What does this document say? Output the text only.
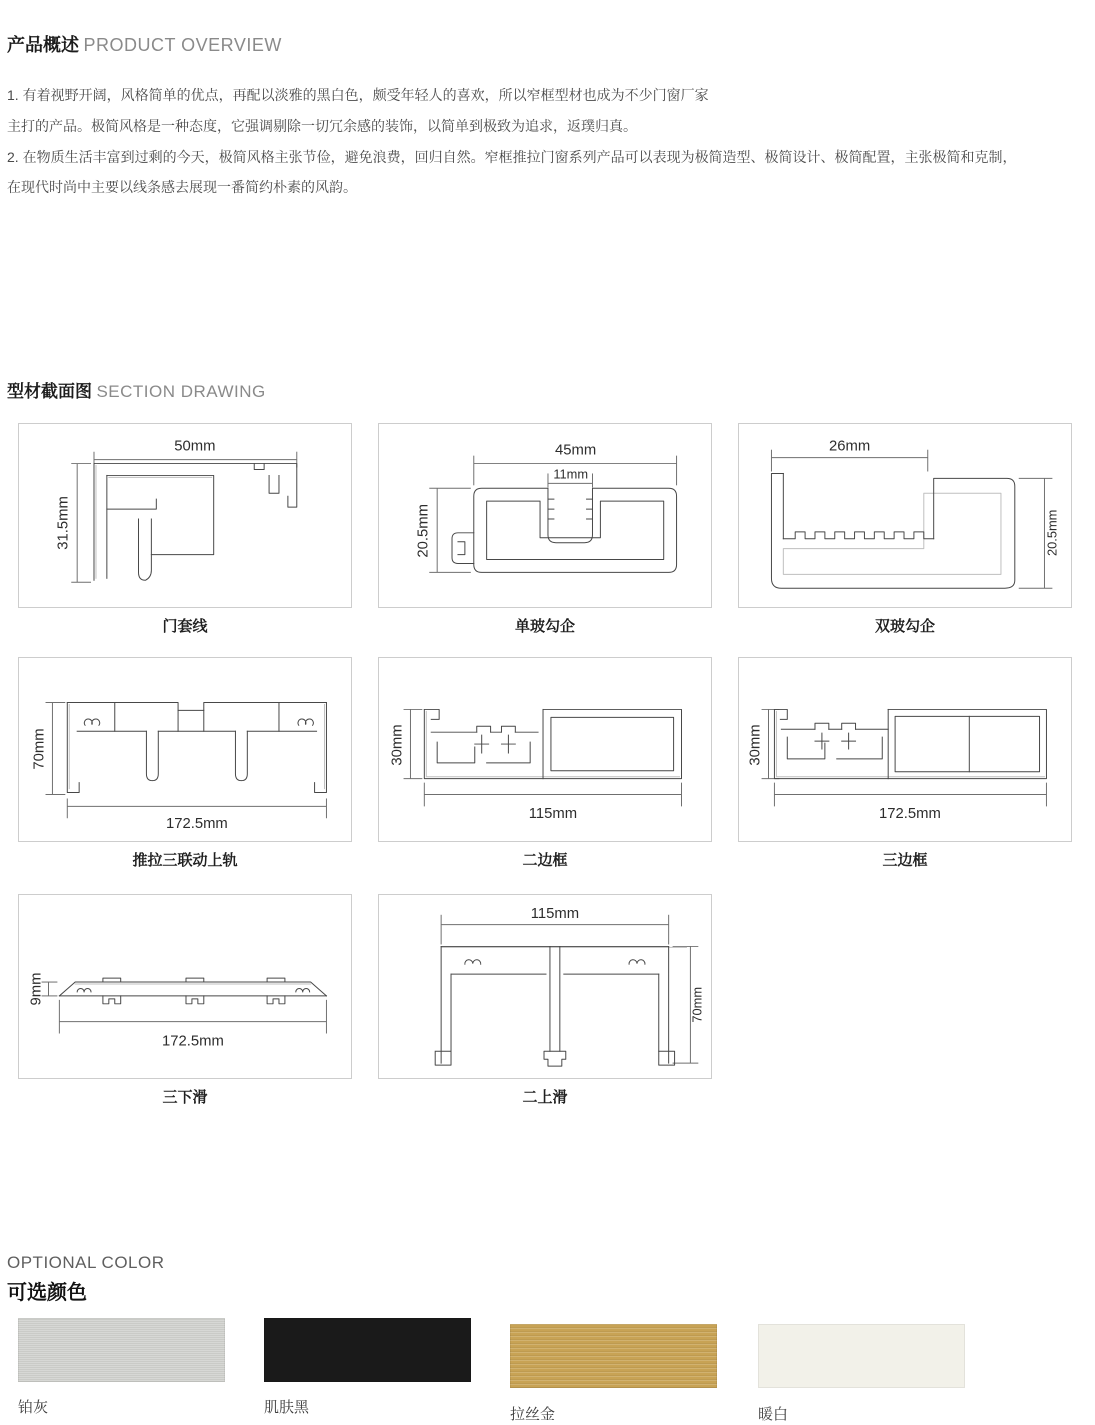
产品概述 PRODUCT OVERVIEW
1. 有着视野开阔，风格简单的优点，再配以淡雅的黑白色，颇受年轻人的喜欢，所以窄框型材也成为不少门窗厂家
主打的产品。极简风格是一种态度，它强调剔除一切冗余感的装饰，以简单到极致为追求，返璞归真。
2. 在物质生活丰富到过剩的今天，极简风格主张节俭，避免浪费，回归自然。窄框推拉门窗系列产品可以表现为极简造型、极简设计、极简配置，主张极简和克制，
在现代时尚中主要以线条感去展现一番简约朴素的风韵。
型材截面图 SECTION DRAWING
50mm
31.5mm
门套线
45mm
11mm
20.5mm
单玻勾企
26mm
20.5mm
双玻勾企
70mm
172.5mm
推拉三联动上轨
30mm
115mm
二边框
30mm
172.5mm
三边框
9mm
172.5mm
三下滑
115mm
70mm
二上滑
OPTIONAL COLOR
可选颜色
铂灰	肌肤黑	拉丝金	暖白
